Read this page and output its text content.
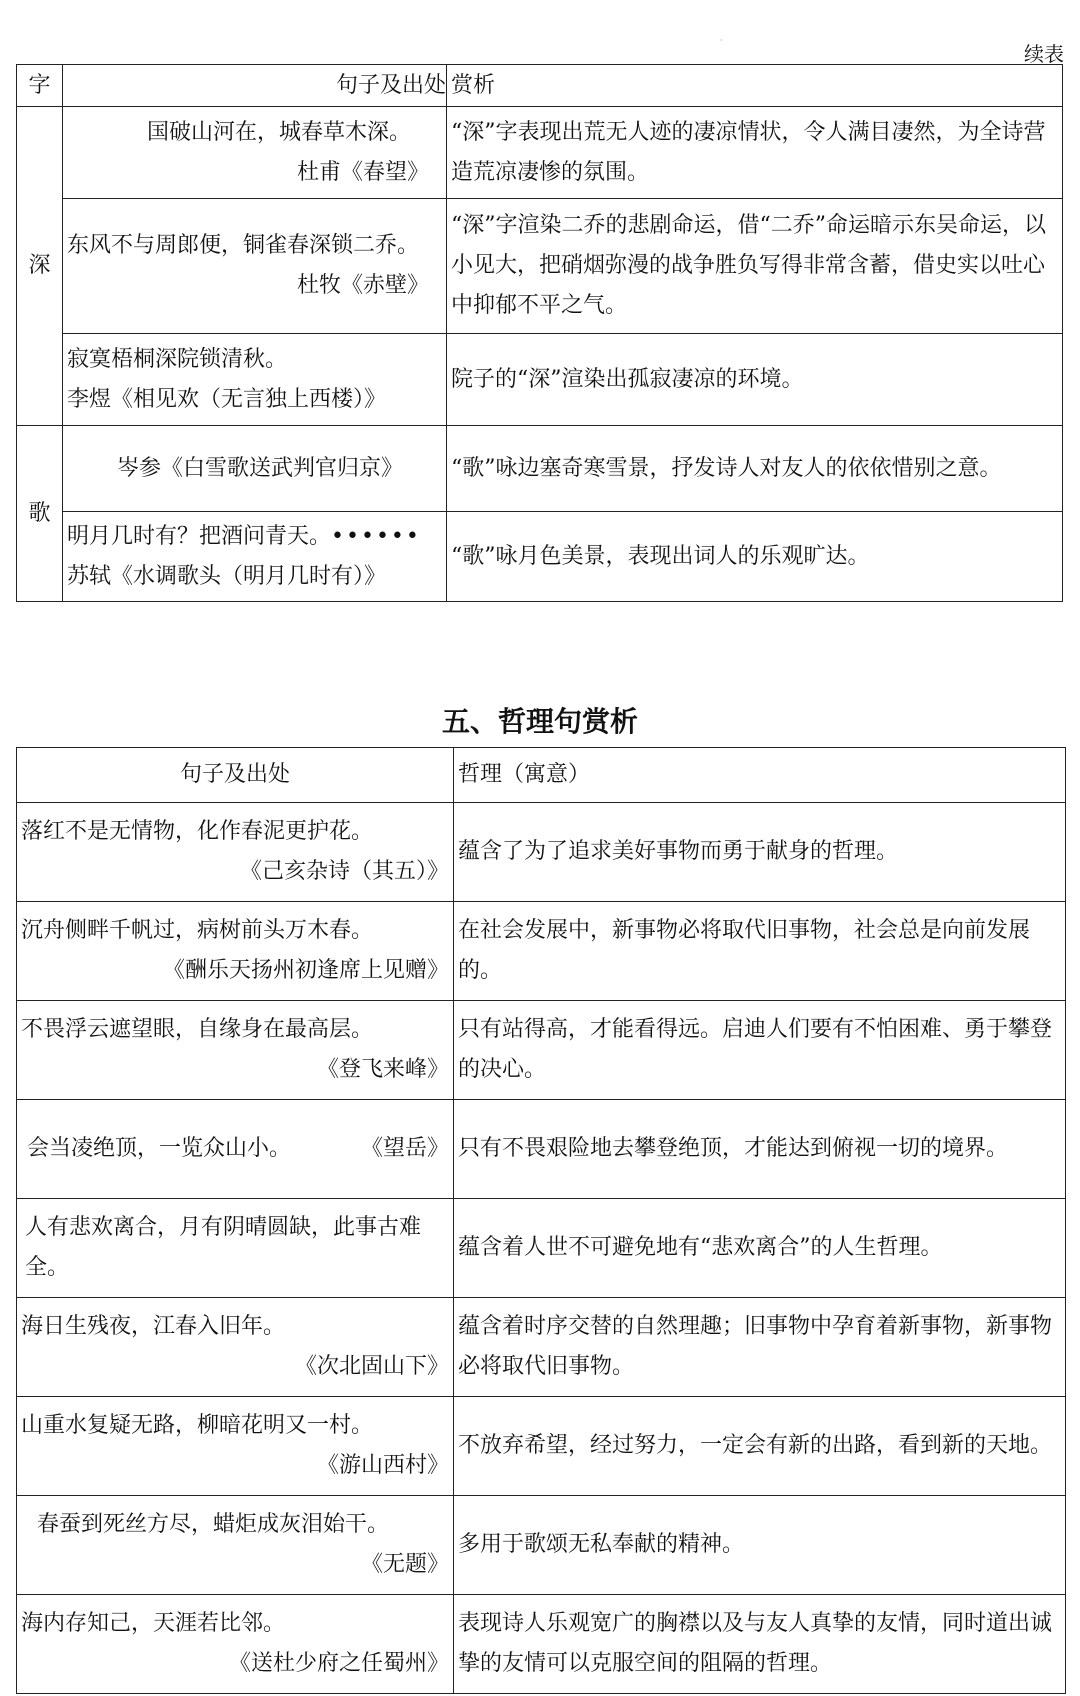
·
续表
字	句子及出处	赏析
深	国破山河在，城春草木深。
杜甫《春望》	“深”字表现出荒无人迹的凄凉情状，令人满目凄然，为全诗营造荒凉凄惨的氛围。

	东风不与周郎便，铜雀春深锁二乔。
杜牧《赤壁》	“深”字渲染二乔的悲剧命运，借“二乔”命运暗示东吴命运，以小见大，把硝烟弥漫的战争胜负写得非常含蓄，借史实以吐心中抑郁不平之气。

	寂寞梧桐深院锁清秋。
李煜《相见欢（无言独上西楼）》	院子的“深”渲染出孤寂凄凉的环境。
歌	岑参《白雪歌送武判官归京》	“歌”咏边塞奇寒雪景，抒发诗人对友人的依依惜别之意。

	明月几时有？把酒问青天。••••••
苏轼《水调歌头（明月几时有）》	“歌”咏月色美景，表现出词人的乐观旷达。
五、哲理句赏析
句子及出处	哲理（寓意）

落红不是无情物，化作春泥更护花。
《己亥杂诗（其五）》	蕴含了为了追求美好事物而勇于献身的哲理。

沉舟侧畔千帆过，病树前头万木春。
《酬乐天扬州初逢席上见赠》	在社会发展中，新事物必将取代旧事物，社会总是向前发展的。

不畏浮云遮望眼，自缘身在最高层。
《登飞来峰》	只有站得高，才能看得远。启迪人们要有不怕困难、勇于攀登的决心。

会当凌绝顶，一览众山小。 《望岳》	只有不畏艰险地去攀登绝顶，才能达到俯视一切的境界。
人有悲欢离合，月有阴晴圆缺，此事古难全。	蕴含着人世不可避免地有“悲欢离合”的人生哲理。

海日生残夜，江春入旧年。
《次北固山下》	蕴含着时序交替的自然理趣；旧事物中孕育着新事物，新事物必将取代旧事物。

山重水复疑无路，柳暗花明又一村。
《游山西村》	不放弃希望，经过努力，一定会有新的出路，看到新的天地。

春蚕到死丝方尽，蜡炬成灰泪始干。
《无题》	多用于歌颂无私奉献的精神。

海内存知己，天涯若比邻。
《送杜少府之任蜀州》	表现诗人乐观宽广的胸襟以及与友人真挚的友情，同时道出诚挚的友情可以克服空间的阻隔的哲理。
